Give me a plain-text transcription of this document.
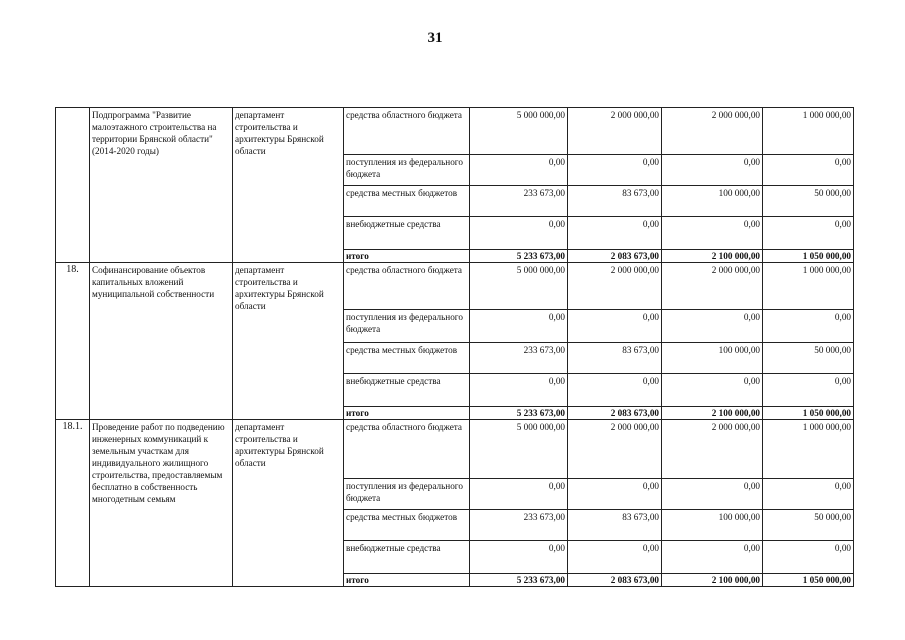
31
	Подпрограмма "Развитие малоэтажного строительства на территории Брянской области" (2014-2020 годы)	департамент строительства и архитектуры Брянской области	средства областного бюджета	5 000 000,00	2 000 000,00	2 000 000,00	1 000 000,00
			поступления из федерального бюджета	0,00	0,00	0,00	0,00
			средства местных бюджетов	233 673,00	83 673,00	100 000,00	50 000,00
			внебюджетные средства	0,00	0,00	0,00	0,00
			итого	5 233 673,00	2 083 673,00	2 100 000,00	1 050 000,00

18.	Софинансирование объектов капитальных вложений муниципальной собственности	департамент строительства и архитектуры Брянской области	средства областного бюджета	5 000 000,00	2 000 000,00	2 000 000,00	1 000 000,00
			поступления из федерального бюджета	0,00	0,00	0,00	0,00
			средства местных бюджетов	233 673,00	83 673,00	100 000,00	50 000,00
			внебюджетные средства	0,00	0,00	0,00	0,00
			итого	5 233 673,00	2 083 673,00	2 100 000,00	1 050 000,00

18.1.	Проведение работ по подведению инженерных коммуникаций к земельным участкам для индивидуального жилищного строительства, предоставляемым бесплатно в собственность многодетным семьям	департамент строительства и архитектуры Брянской области	средства областного бюджета	5 000 000,00	2 000 000,00	2 000 000,00	1 000 000,00
			поступления из федерального бюджета	0,00	0,00	0,00	0,00
			средства местных бюджетов	233 673,00	83 673,00	100 000,00	50 000,00
			внебюджетные средства	0,00	0,00	0,00	0,00
			итого	5 233 673,00	2 083 673,00	2 100 000,00	1 050 000,00
